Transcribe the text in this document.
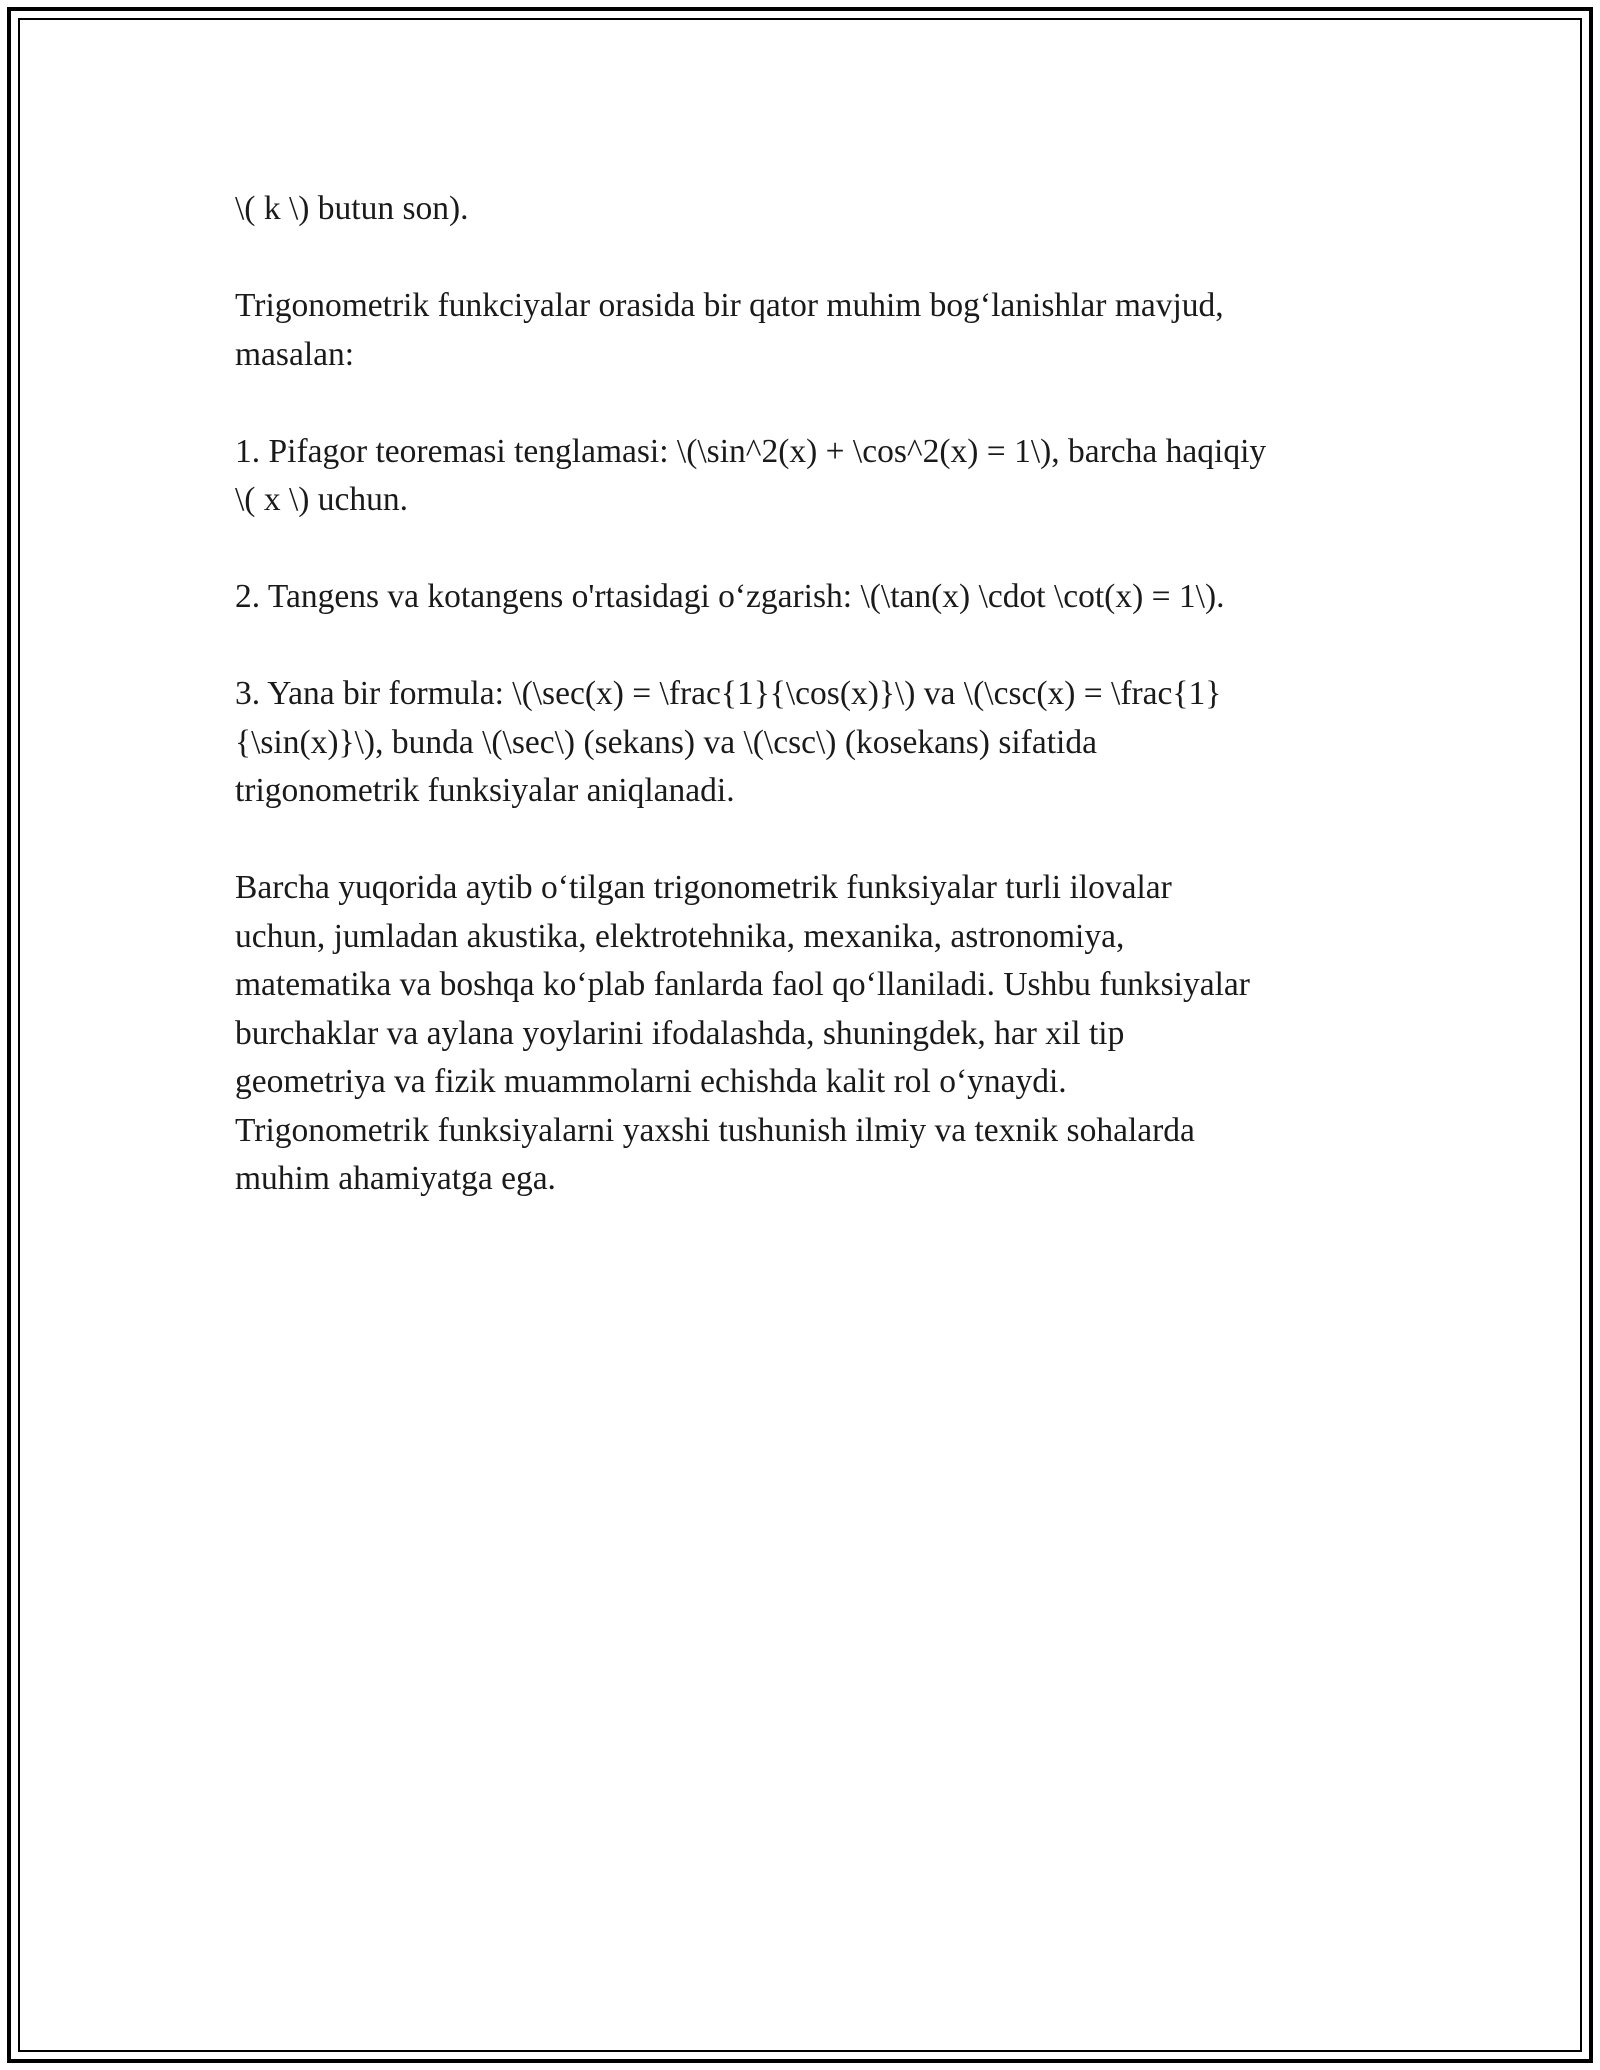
\( k \) butun son).

Trigonometrik funkciyalar orasida bir qator muhim bog‘lanishlar mavjud,
masalan:

1. Pifagor teoremasi tenglamasi: \(\sin^2(x) + \cos^2(x) = 1\), barcha haqiqiy
\( x \) uchun.

2. Tangens va kotangens o'rtasidagi o‘zgarish: \(\tan(x) \cdot \cot(x) = 1\).

3. Yana bir formula: \(\sec(x) = \frac{1}{\cos(x)}\) va \(\csc(x) = \frac{1}
{\sin(x)}\), bunda \(\sec\) (sekans) va \(\csc\) (kosekans) sifatida
trigonometrik funksiyalar aniqlanadi.

Barcha yuqorida aytib o‘tilgan trigonometrik funksiyalar turli ilovalar
uchun, jumladan akustika, elektrotehnika, mexanika, astronomiya,
matematika va boshqa ko‘plab fanlarda faol qo‘llaniladi. Ushbu funksiyalar
burchaklar va aylana yoylarini ifodalashda, shuningdek, har xil tip
geometriya va fizik muammolarni echishda kalit rol o‘ynaydi.
Trigonometrik funksiyalarni yaxshi tushunish ilmiy va texnik sohalarda
muhim ahamiyatga ega.
